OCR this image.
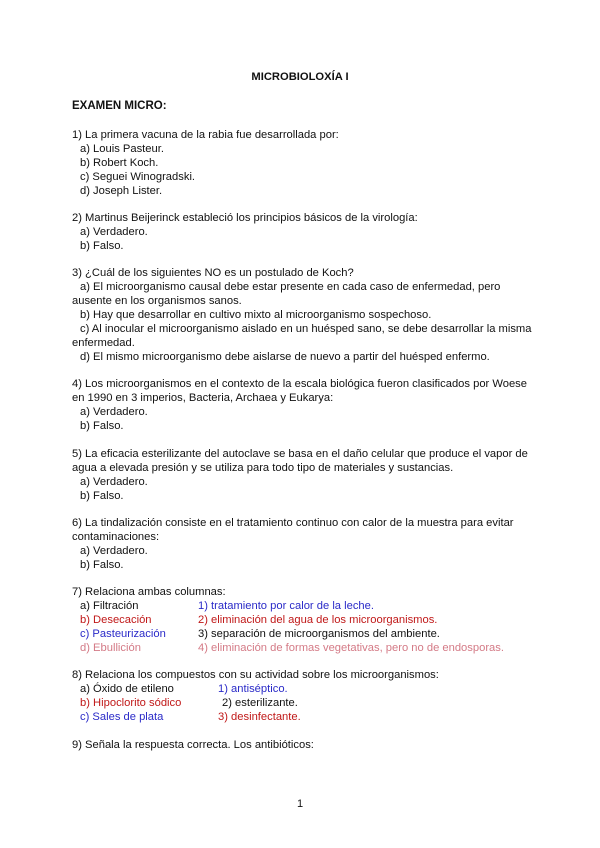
MICROBIOLOXÍA I
EXAMEN MICRO:
1) La primera vacuna de la rabia fue desarrollada por:
a) Louis Pasteur.
b) Robert Koch.
c) Seguei Winogradski.
d) Joseph Lister.
2) Martinus Beijerinck estableció los principios básicos de la virología:
a) Verdadero.
b) Falso.
3) ¿Cuál de los siguientes NO es un postulado de Koch?
a) El microorganismo causal debe estar presente en cada caso de enfermedad, pero ausente en los organismos sanos.
b) Hay que desarrollar en cultivo mixto al microorganismo sospechoso.
c) Al inocular el microorganismo aislado en un huésped sano, se debe desarrollar la misma enfermedad.
d) El mismo microorganismo debe aislarse de nuevo a partir del huésped enfermo.
4) Los microorganismos en el contexto de la escala biológica fueron clasificados por Woese en 1990 en 3 imperios, Bacteria, Archaea y Eukarya:
a) Verdadero.
b) Falso.
5) La eficacia esterilizante del autoclave se basa en el daño celular que produce el vapor de agua a elevada presión y se utiliza para todo tipo de materiales y sustancias.
a) Verdadero.
b) Falso.
6) La tindalización consiste en el tratamiento continuo con calor de la muestra para evitar contaminaciones:
a) Verdadero.
b) Falso.
7) Relaciona ambas columnas:
a) Filtración	1) tratamiento por calor de la leche.
b) Desecación	2) eliminación del agua de los microorganismos.
c) Pasteurización	3) separación de microorganismos del ambiente.
d) Ebullición	4) eliminación de formas vegetativas, pero no de endosporas.
8) Relaciona los compuestos con su actividad sobre los microorganismos:
a) Óxido de etileno	1) antiséptico.
b) Hipoclorito sódico	2) esterilizante.
c) Sales de plata	3) desinfectante.
9) Señala la respuesta correcta. Los antibióticos:
1
